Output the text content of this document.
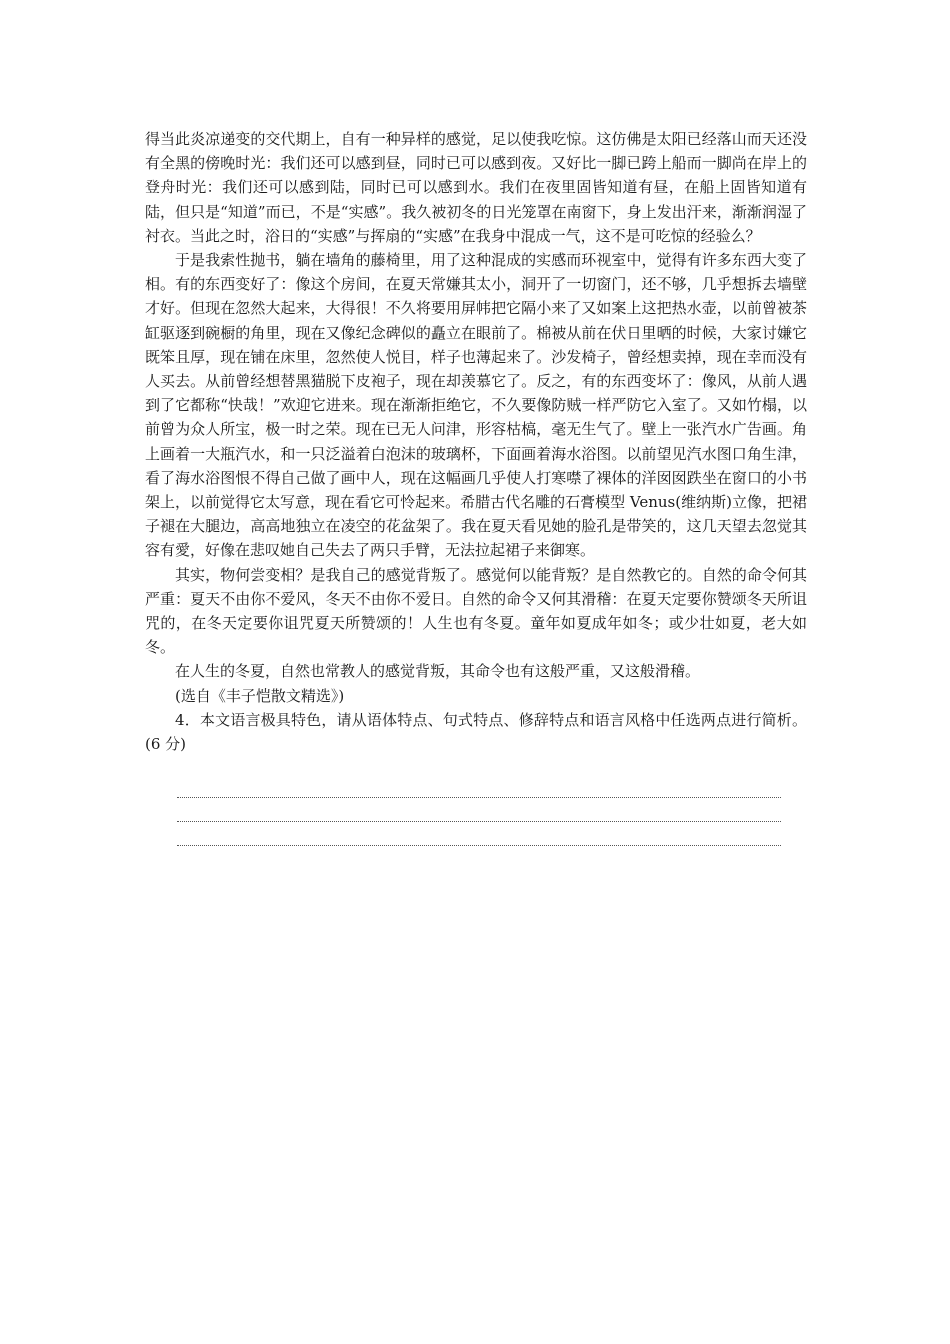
得当此炎凉递变的交代期上，自有一种异样的感觉，足以使我吃惊。这仿佛是太阳已经落山而天还没有全黑的傍晚时光：我们还可以感到昼，同时已可以感到夜。又好比一脚已跨上船而一脚尚在岸上的登舟时光：我们还可以感到陆，同时已可以感到水。我们在夜里固皆知道有昼，在船上固皆知道有陆，但只是“知道”而已，不是“实感”。我久被初冬的日光笼罩在南窗下，身上发出汗来，渐渐润湿了衬衣。当此之时，浴日的“实感”与挥扇的“实感”在我身中混成一气，这不是可吃惊的经验么？

于是我索性抛书，躺在墙角的藤椅里，用了这种混成的实感而环视室中，觉得有许多东西大变了相。有的东西变好了：像这个房间，在夏天常嫌其太小，洞开了一切窗门，还不够，几乎想拆去墙壁才好。但现在忽然大起来，大得很！不久将要用屏帏把它隔小来了又如案上这把热水壶，以前曾被茶缸驱逐到碗橱的角里，现在又像纪念碑似的矗立在眼前了。棉被从前在伏日里晒的时候，大家讨嫌它既笨且厚，现在铺在床里，忽然使人悦目，样子也薄起来了。沙发椅子，曾经想卖掉，现在幸而没有人买去。从前曾经想替黑猫脱下皮袍子，现在却羡慕它了。反之，有的东西变坏了：像风，从前人遇到了它都称“快哉！”欢迎它进来。现在渐渐拒绝它，不久要像防贼一样严防它入室了。又如竹榻，以前曾为众人所宝，极一时之荣。现在已无人问津，形容枯槁，毫无生气了。壁上一张汽水广告画。角上画着一大瓶汽水，和一只泛溢着白泡沫的玻璃杯，下面画着海水浴图。以前望见汽水图口角生津，看了海水浴图恨不得自己做了画中人，现在这幅画几乎使人打寒噤了裸体的洋囡囡跌坐在窗口的小书架上，以前觉得它太写意，现在看它可怜起来。希腊古代名雕的石膏模型 Venus(维纳斯)立像，把裙子褪在大腿边，高高地独立在凌空的花盆架了。我在夏天看见她的脸孔是带笑的，这几天望去忽觉其容有愛，好像在悲叹她自己失去了两只手臂，无法拉起裙子来御寒。

其实，物何尝变相？是我自己的感觉背叛了。感觉何以能背叛？是自然教它的。自然的命令何其严重：夏天不由你不爱风，冬天不由你不爱日。自然的命令又何其滑稽：在夏天定要你赞颂冬天所诅咒的，在冬天定要你诅咒夏天所赞颂的！人生也有冬夏。童年如夏成年如冬；或少壮如夏，老大如冬。

在人生的冬夏，自然也常教人的感觉背叛，其命令也有这般严重，又这般滑稽。

(选自《丰子恺散文精选》)

4．本文语言极具特色，请从语体特点、句式特点、修辞特点和语言风格中任选两点进行简析。(6 分)
